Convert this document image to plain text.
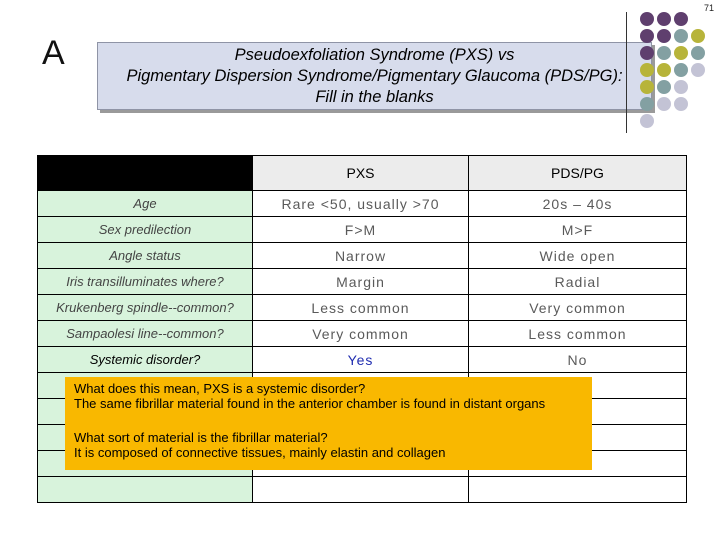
71
A	Pseudoexfoliation Syndrome (PXS) vs
Pigmentary Dispersion Syndrome/Pigmentary Glaucoma (PDS/PG):
Fill in the blanks
	PXS	PDS/PG
Age	Rare <50, usually >70	20s – 40s
Sex predilection	F>M	M>F
Angle status	Narrow	Wide open
Iris transilluminates where?	Margin	Radial
Krukenberg spindle--common?	Less common	Very common
Sampaolesi line--common?	Very common	Less common
Systemic disorder?	Yes	No

What does this mean, PXS is a systemic disorder?

The same fibrillar material found in the anterior chamber is found in distant organs

What sort of material is the fibrillar material?

It is composed of connective tissues, mainly elastin and collagen
